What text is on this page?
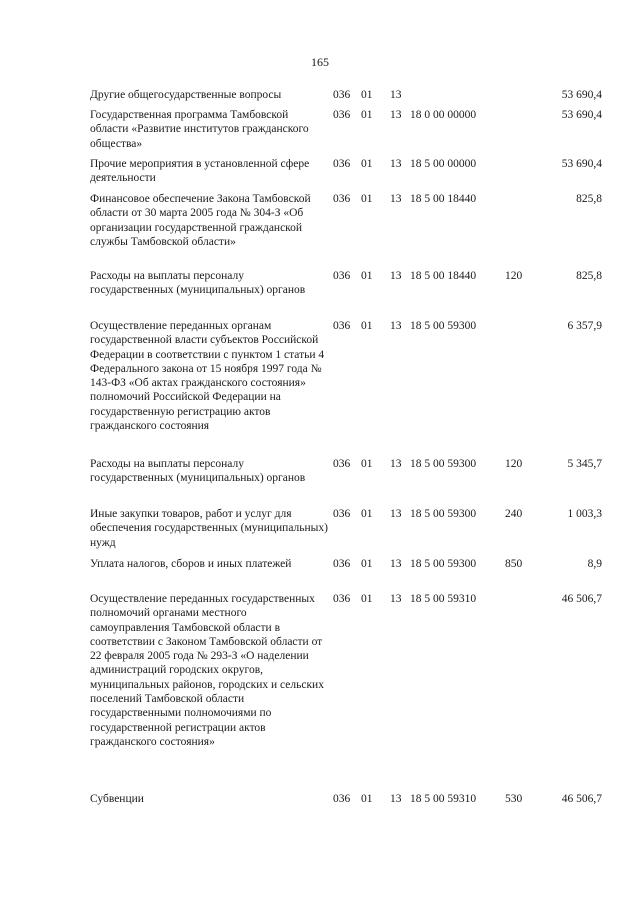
165
Другие общегосударственные вопросы	036 01 13	53 690,4
Государственная программа Тамбовской области «Развитие институтов гражданского общества»
036 01 13 18 0 00 00000	53 690,4
Прочие мероприятия в установленной сфере деятельности
036 01 13 18 5 00 00000	53 690,4
Финансовое обеспечение Закона Тамбовской области от 30 марта 2005 года № 304-З «Об организации государственной гражданской службы Тамбовской области»
036 01 13 18 5 00 18440	825,8
Расходы на выплаты персоналу государственных (муниципальных) органов
036 01 13 18 5 00 18440	120	825,8
Осуществление переданных органам государственной власти субъектов Российской Федерации в соответствии с пунктом 1 статьи 4 Федерального закона от 15 ноября 1997 года № 143-ФЗ «Об актах гражданского состояния» полномочий Российской Федерации на государственную регистрацию актов гражданского состояния
036 01 13 18 5 00 59300	6 357,9
Расходы на выплаты персоналу государственных (муниципальных) органов
036 01 13 18 5 00 59300	120	5 345,7
Иные закупки товаров, работ и услуг для обеспечения государственных (муниципальных) нужд
036 01 13 18 5 00 59300	240	1 003,3
Уплата налогов, сборов и иных платежей	036 01 13 18 5 00 59300	850	8,9
Осуществление переданных государственных полномочий органами местного самоуправления Тамбовской области в соответствии с Законом Тамбовской области от 22 февраля 2005 года № 293-З «О наделении администраций городских округов, муниципальных районов, городских и сельских поселений Тамбовской области государственными полномочиями по государственной регистрации актов гражданского состояния»
036 01 13 18 5 00 59310	46 506,7
Субвенции	036 01 13 18 5 00 59310	530	46 506,7
